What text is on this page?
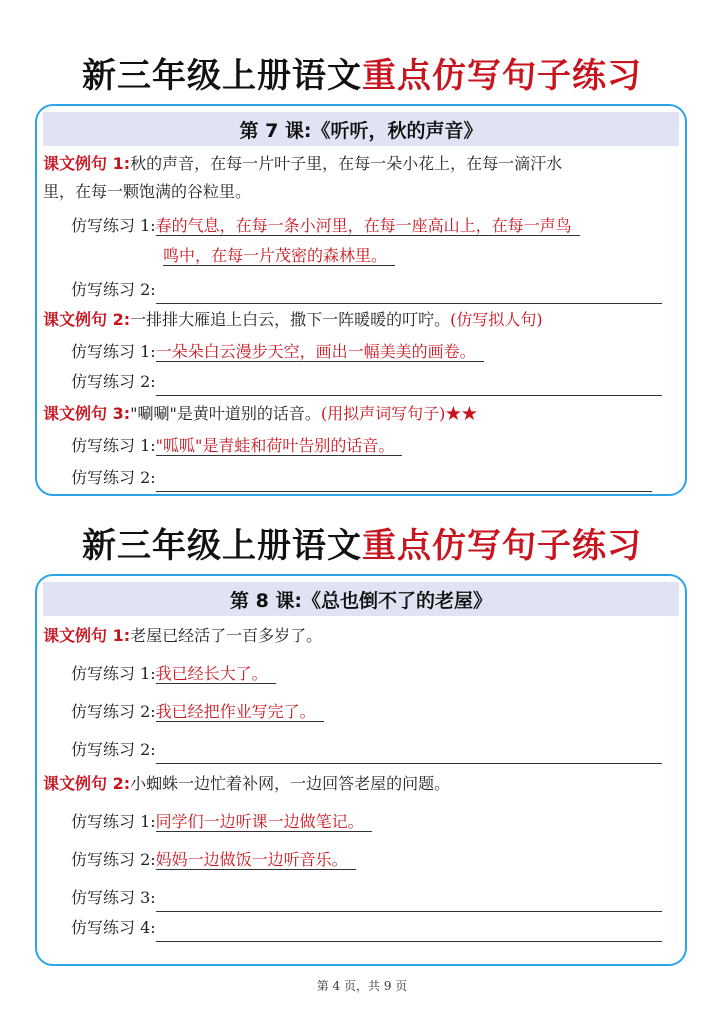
新三年级上册语文重点仿写句子练习
第 7 课:《听听，秋的声音》
课文例句 1:秋的声音，在每一片叶子里，在每一朵小花上，在每一滴汗水
里，在每一颗饱满的谷粒里。
仿写练习 1:春的气息，在每一条小河里，在每一座高山上，在每一声鸟
鸣中，在每一片茂密的森林里。
仿写练习 2:
课文例句 2:一排排大雁追上白云，撒下一阵暖暖的叮咛。(仿写拟人句)
仿写练习 1:一朵朵白云漫步天空，画出一幅美美的画卷。
仿写练习 2:
课文例句 3:"唰唰"是黄叶道别的话音。(用拟声词写句子)★★
仿写练习 1:"呱呱"是青蛙和荷叶告别的话音。
仿写练习 2:
新三年级上册语文重点仿写句子练习
第 8 课:《总也倒不了的老屋》
课文例句 1:老屋已经活了一百多岁了。
仿写练习 1:我已经长大了。
仿写练习 2:我已经把作业写完了。
仿写练习 2:
课文例句 2:小蜘蛛一边忙着补网，一边回答老屋的问题。
仿写练习 1:同学们一边听课一边做笔记。
仿写练习 2:妈妈一边做饭一边听音乐。
仿写练习 3:
仿写练习 4:
第 4 页，共 9 页
